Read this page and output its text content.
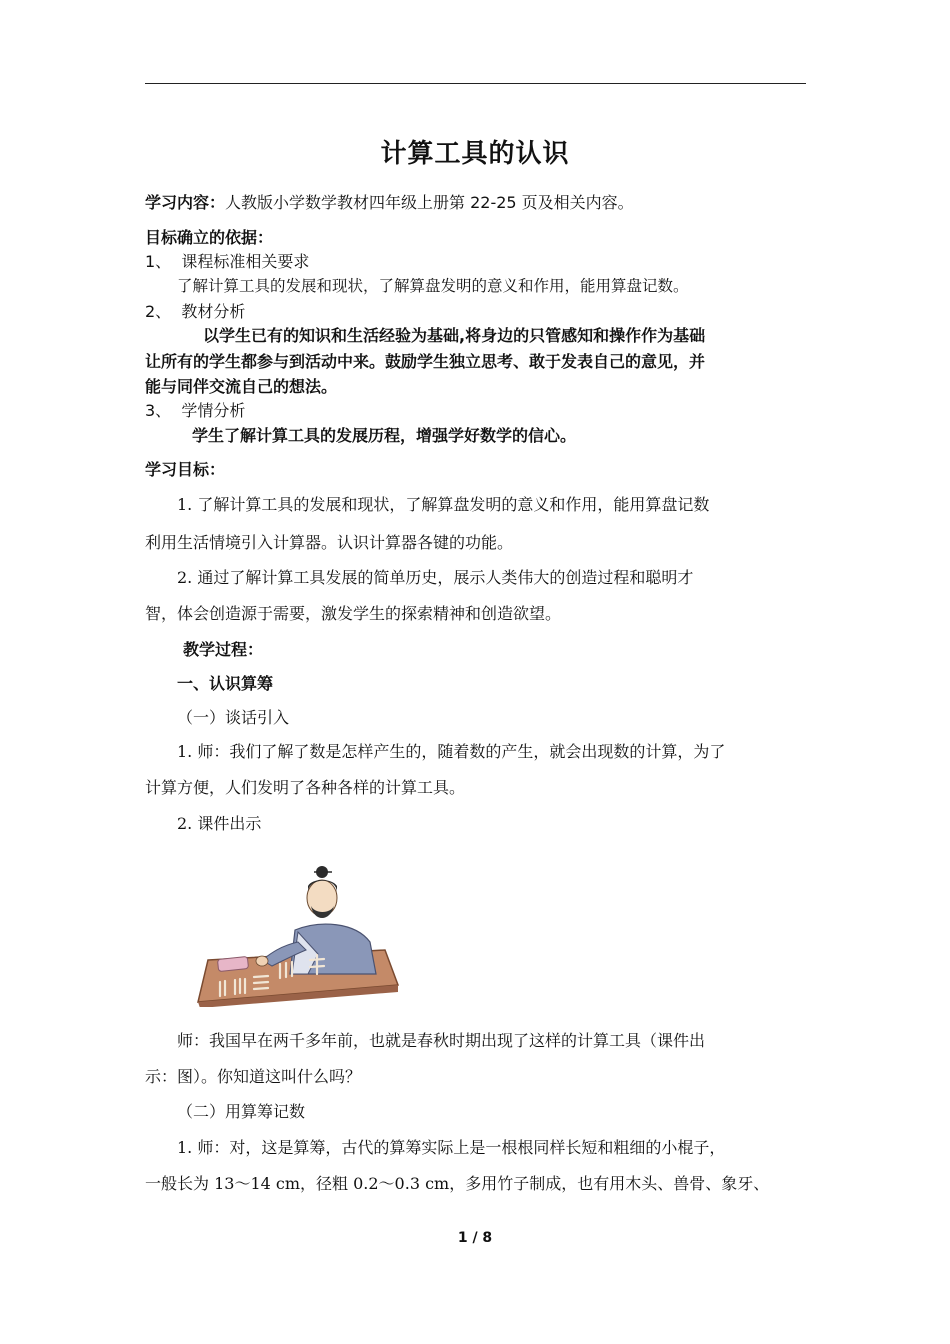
计算工具的认识
学习内容：人教版小学数学教材四年级上册第 22-25 页及相关内容。
目标确立的依据：
1、 课程标准相关要求
了解计算工具的发展和现状，了解算盘发明的意义和作用，能用算盘记数。
2、 教材分析
以学生已有的知识和生活经验为基础,将身边的只管感知和操作作为基础
让所有的学生都参与到活动中来。鼓励学生独立思考、敢于发表自己的意见，并
能与同伴交流自己的想法。
3、 学情分析
学生了解计算工具的发展历程，增强学好数学的信心。
学习目标：
1. 了解计算工具的发展和现状，了解算盘发明的意义和作用，能用算盘记数
利用生活情境引入计算器。认识计算器各键的功能。
2. 通过了解计算工具发展的简单历史，展示人类伟大的创造过程和聪明才
智，体会创造源于需要，激发学生的探索精神和创造欲望。
教学过程：
一、认识算筹
（一）谈话引入
1. 师：我们了解了数是怎样产生的，随着数的产生，就会出现数的计算，为了
计算方便，人们发明了各种各样的计算工具。
2. 课件出示
师：我国早在两千多年前，也就是春秋时期出现了这样的计算工具（课件出
示：图）。你知道这叫什么吗？
（二）用算筹记数
1. 师：对，这是算筹，古代的算筹实际上是一根根同样长短和粗细的小棍子，
一般长为 13～14 cm，径粗 0.2～0.3 cm，多用竹子制成，也有用木头、兽骨、象牙、
1 / 8
